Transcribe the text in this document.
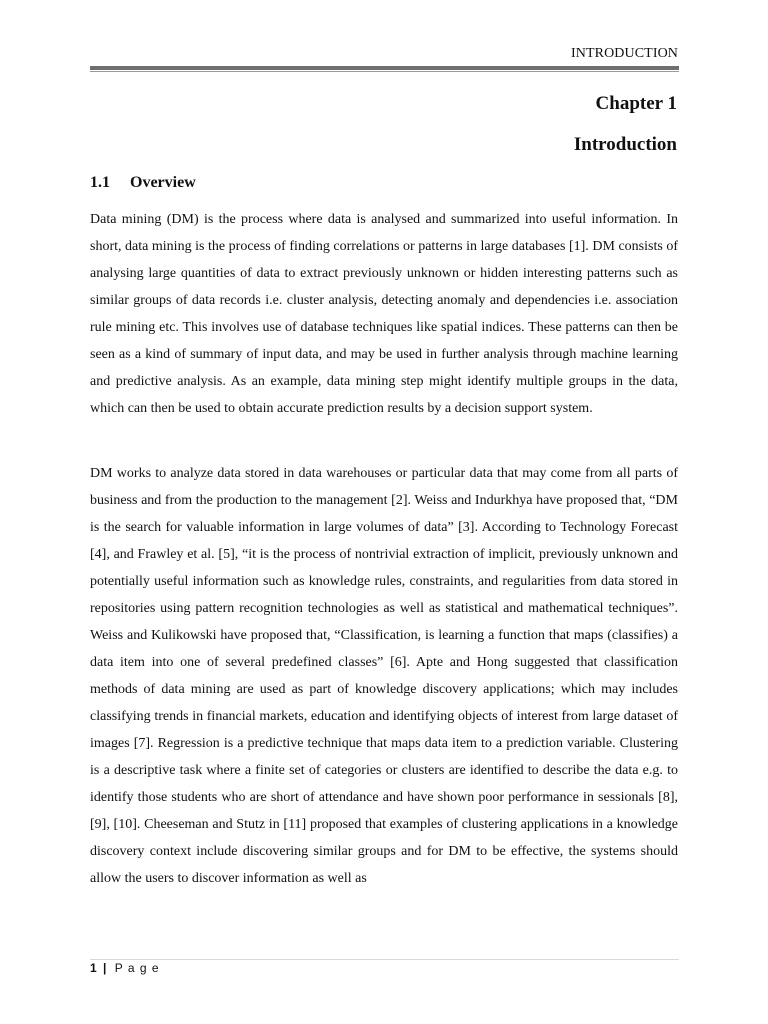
INTRODUCTION
Chapter 1
Introduction
1.1 Overview

Data mining (DM) is the process where data is analysed and summarized into useful information. In short, data mining is the process of finding correlations or patterns in large databases [1]. DM consists of analysing large quantities of data to extract previously unknown or hidden interesting patterns such as similar groups of data records i.e. cluster analysis, detecting anomaly and dependencies i.e. association rule mining etc. This involves use of database techniques like spatial indices. These patterns can then be seen as a kind of summary of input data, and may be used in further analysis through machine learning and predictive analysis. As an example, data mining step might identify multiple groups in the data, which can then be used to obtain accurate prediction results by a decision support system.

DM works to analyze data stored in data warehouses or particular data that may come from all parts of business and from the production to the management [2]. Weiss and Indurkhya have proposed that, “DM is the search for valuable information in large volumes of data” [3]. According to Technology Forecast [4], and Frawley et al. [5], “it is the process of nontrivial extraction of implicit, previously unknown and potentially useful information such as knowledge rules, constraints, and regularities from data stored in repositories using pattern recognition technologies as well as statistical and mathematical techniques”. Weiss and Kulikowski have proposed that, “Classification, is learning a function that maps (classifies) a data item into one of several predefined classes” [6]. Apte and Hong suggested that classification methods of data mining are used as part of knowledge discovery applications; which may includes classifying trends in financial markets, education and identifying objects of interest from large dataset of images [7]. Regression is a predictive technique that maps data item to a prediction variable. Clustering is a descriptive task where a finite set of categories or clusters are identified to describe the data e.g. to identify those students who are short of attendance and have shown poor performance in sessionals [8], [9], [10]. Cheeseman and Stutz in [11] proposed that examples of clustering applications in a knowledge discovery context include discovering similar groups and for DM to be effective, the systems should allow the users to discover information as well as

1 | P a g e
